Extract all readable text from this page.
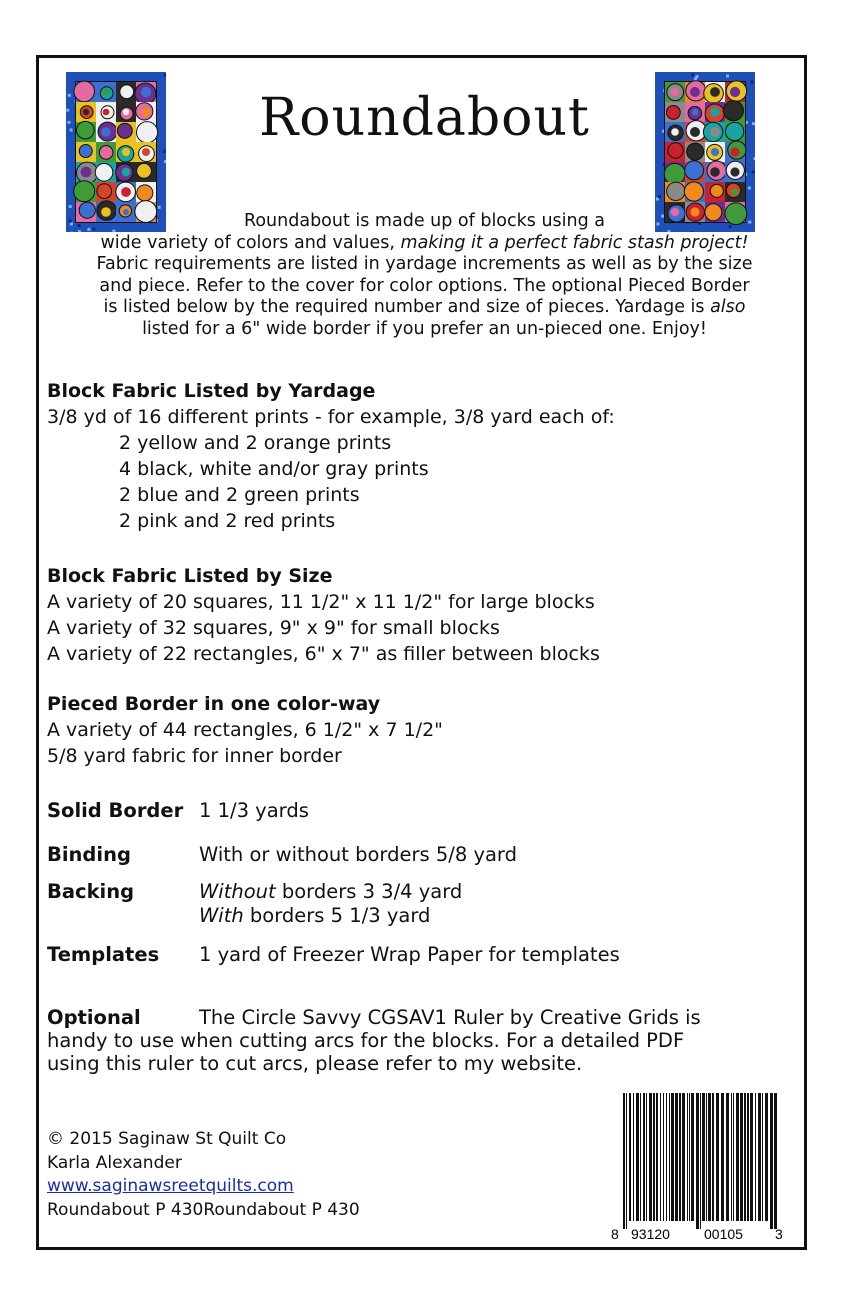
Roundabout
Roundabout is made up of blocks using a
wide variety of colors and values, making it a perfect fabric stash project!
Fabric requirements are listed in yardage increments as well as by the size
and piece. Refer to the cover for color options. The optional Pieced Border
is listed below by the required number and size of pieces. Yardage is also
listed for a 6" wide border if you prefer an un-pieced one. Enjoy!
Block Fabric Listed by Yardage
3/8 yd of 16 different prints - for example, 3/8 yard each of:
2 yellow and 2 orange prints
4 black, white and/or gray prints
2 blue and 2 green prints
2 pink and 2 red prints
Block Fabric Listed by Size
A variety of 20 squares, 11 1/2" x 11 1/2" for large blocks
A variety of 32 squares, 9" x 9" for small blocks
A variety of 22 rectangles, 6" x 7" as filler between blocks
Pieced Border in one color-way
A variety of 44 rectangles, 6 1/2" x 7 1/2"
5/8 yard fabric for inner border
Solid Border 1 1/3 yards
Binding	With or without borders 5/8 yard
Backing	Without borders 3 3/4 yard
With borders 5 1/3 yard
Templates 1 yard of Freezer Wrap Paper for templates
Optional	The Circle Savvy CGSAV1 Ruler by Creative Grids is
handy to use when cutting arcs for the blocks. For a detailed PDF
using this ruler to cut arcs, please refer to my website.
© 2015 Saginaw St Quilt Co
Karla Alexander
www.saginawsreetquilts.com
Roundabout P 430Roundabout P 430
8 93120 00105 3
